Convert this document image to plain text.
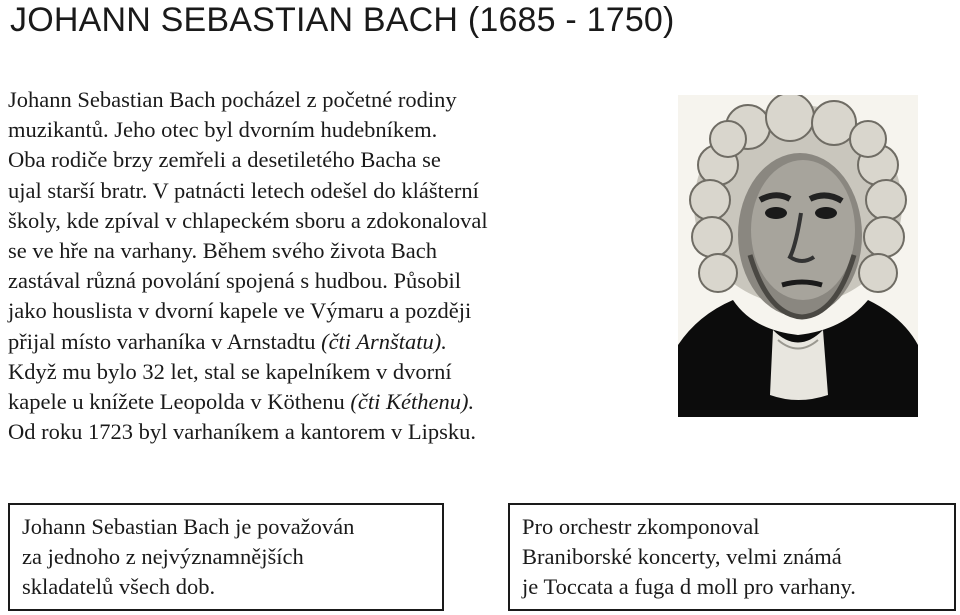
JOHANN SEBASTIAN BACH (1685 - 1750)
Johann Sebastian Bach pocházel z početné rodiny
muzikantů. Jeho otec byl dvorním hudebníkem.
Oba rodiče brzy zemřeli a desetiletého Bacha se
ujal starší bratr. V patnácti letech odešel do klášterní
školy, kde zpíval v chlapeckém sboru a zdokonaloval
se ve hře na varhany. Během svého života Bach
zastával různá povolání spojená s hudbou. Působil
jako houslista v dvorní kapele ve Výmaru a později
přijal místo varhaníka v Arnstadtu (čti Arnštatu).
Když mu bylo 32 let, stal se kapelníkem v dvorní
kapele u knížete Leopolda v Köthenu (čti Kéthenu).
Od roku 1723 byl varhaníkem a kantorem v Lipsku.
Johann Sebastian Bach je považován
za jednoho z nejvýznamnějších
skladatelů všech dob.
Pro orchestr zkomponoval
Braniborské koncerty, velmi známá
je Toccata a fuga d moll pro varhany.
